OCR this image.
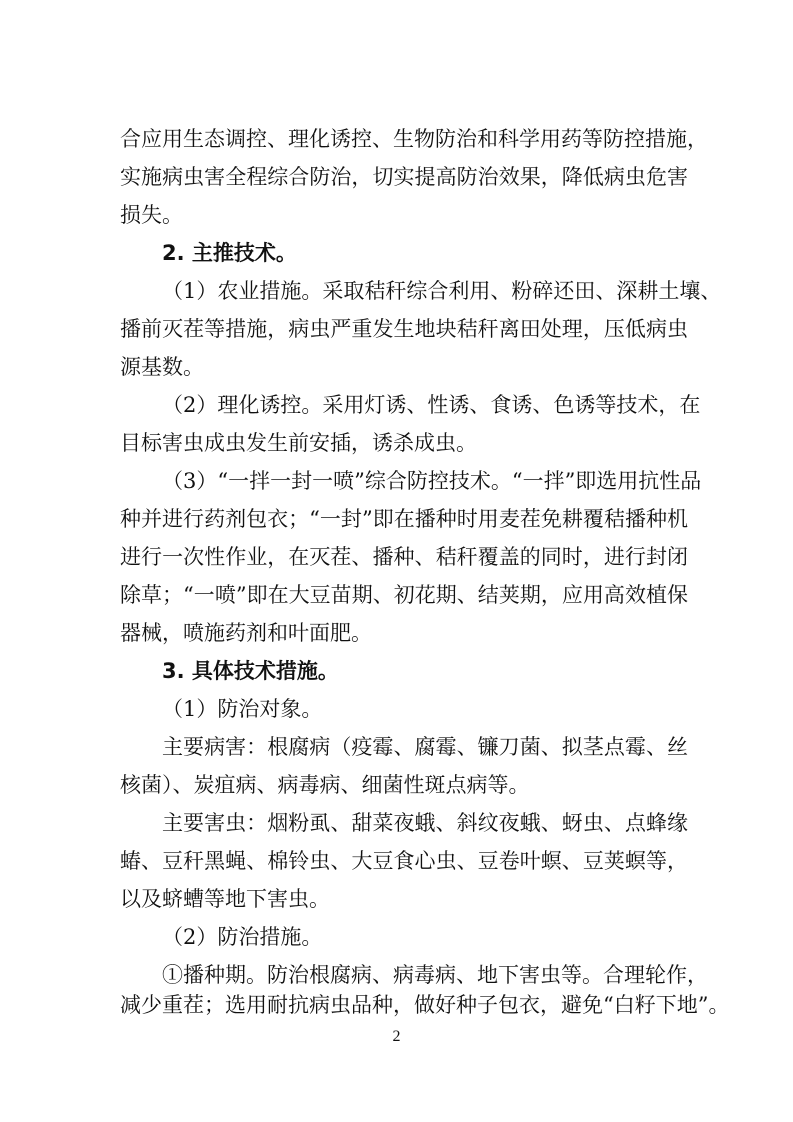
合应用生态调控、理化诱控、生物防治和科学用药等防控措施，
实施病虫害全程综合防治，切实提高防治效果，降低病虫危害
损失。
2. 主推技术。
（1）农业措施。采取秸秆综合利用、粉碎还田、深耕土壤、
播前灭茬等措施，病虫严重发生地块秸秆离田处理，压低病虫
源基数。
（2）理化诱控。采用灯诱、性诱、食诱、色诱等技术，在
目标害虫成虫发生前安插，诱杀成虫。
（3）“一拌一封一喷”综合防控技术。“一拌”即选用抗性品
种并进行药剂包衣；“一封”即在播种时用麦茬免耕覆秸播种机
进行一次性作业，在灭茬、播种、秸秆覆盖的同时，进行封闭
除草；“一喷”即在大豆苗期、初花期、结荚期，应用高效植保
器械，喷施药剂和叶面肥。
3. 具体技术措施。
（1）防治对象。
主要病害：根腐病（疫霉、腐霉、镰刀菌、拟茎点霉、丝
核菌）、炭疽病、病毒病、细菌性斑点病等。
主要害虫：烟粉虱、甜菜夜蛾、斜纹夜蛾、蚜虫、点蜂缘
蝽、豆秆黑蝇、棉铃虫、大豆食心虫、豆卷叶螟、豆荚螟等，
以及蛴螬等地下害虫。
（2）防治措施。
①播种期。防治根腐病、病毒病、地下害虫等。合理轮作，
减少重茬；选用耐抗病虫品种，做好种子包衣，避免“白籽下地”。
2
